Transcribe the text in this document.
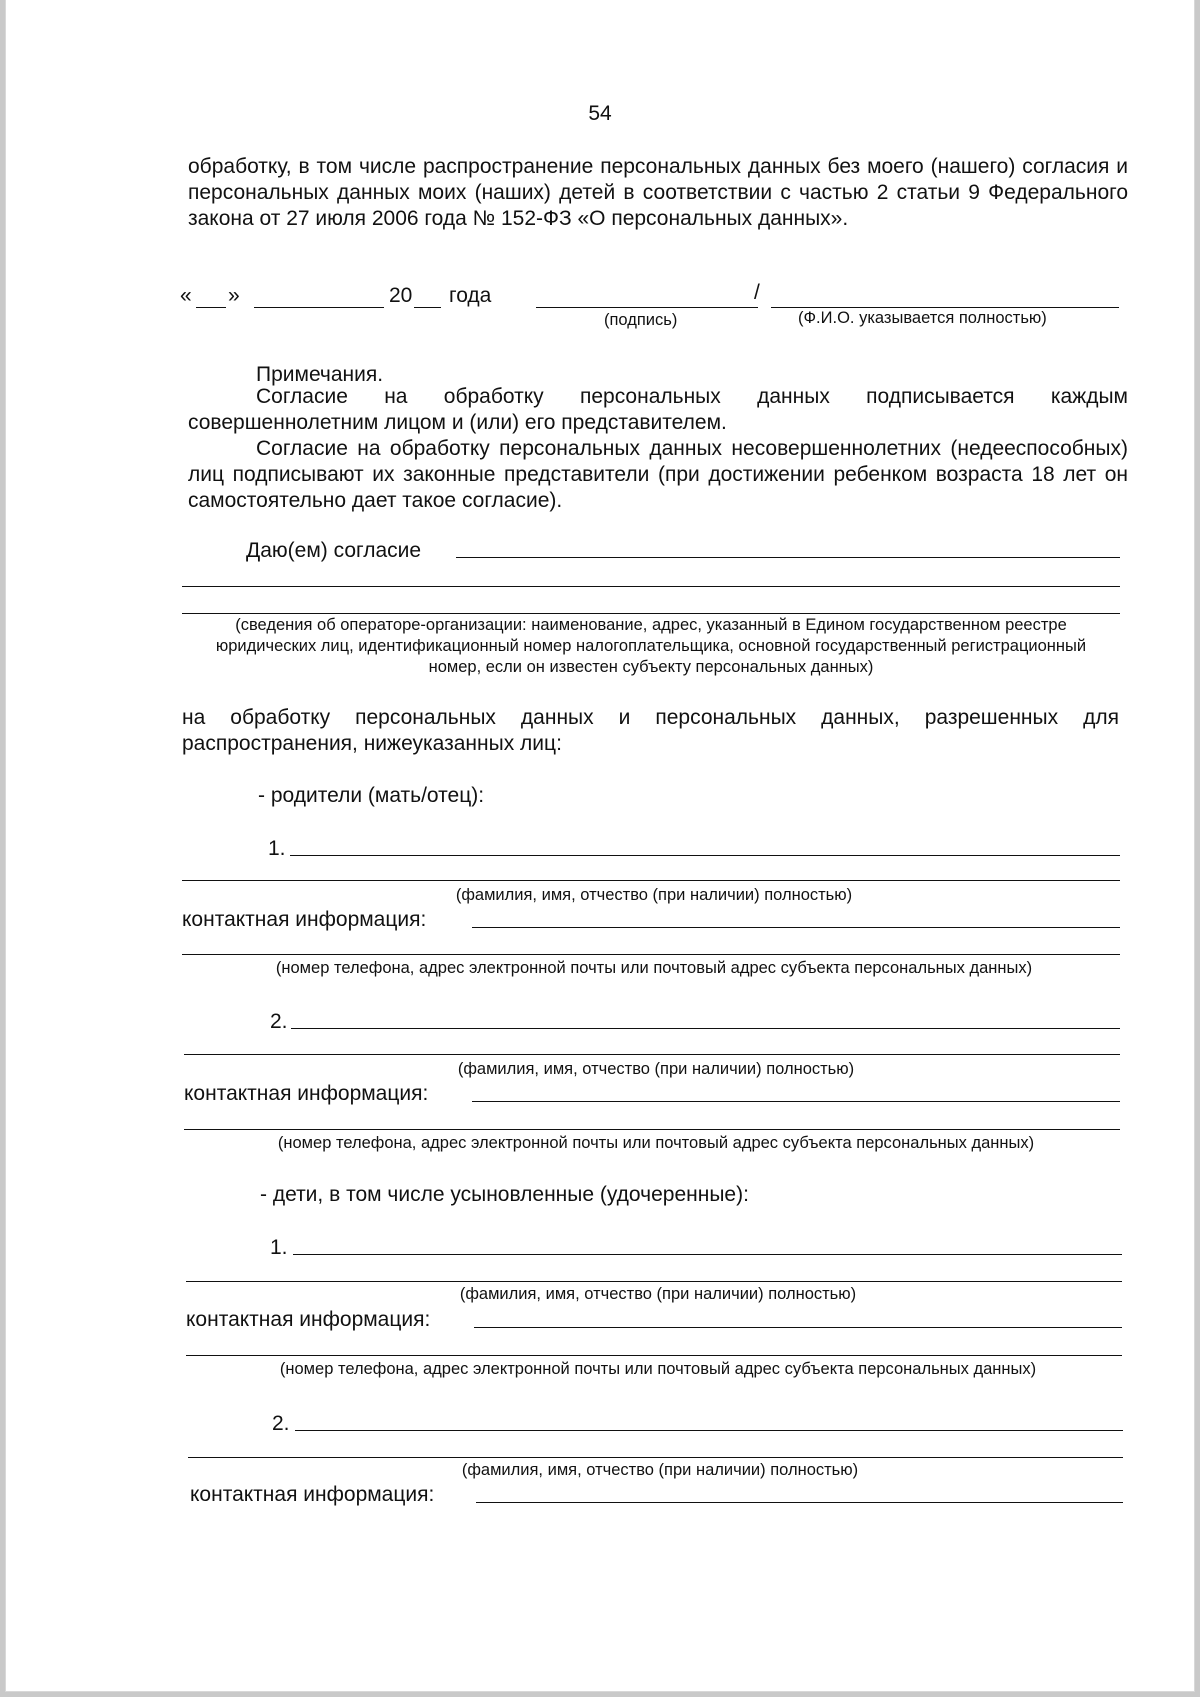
54

обработку, в том числе распространение персональных данных без моего (нашего) согласия и персональных данных моих (наших) детей в соответствии с частью 2 статьи 9 Федерального закона от 27 июля 2006 года № 152-ФЗ «О персональных данных».

« »	20 года	/
(подпись)	(Ф.И.О. указывается полностью)
Примечания.

Согласие на обработку персональных данных подписывается каждым совершеннолетним лицом и (или) его представителем.

Согласие на обработку персональных данных несовершеннолетних (недееспособных) лиц подписывают их законные представители (при достижении ребенком возраста 18 лет он самостоятельно дает такое согласие).

Даю(ем) согласие
(сведения об операторе-организации: наименование, адрес, указанный в Едином государственном реестре юридических лиц, идентификационный номер налогоплательщика, основной государственный регистрационный номер, если он известен субъекту персональных данных)

на обработку персональных данных и персональных данных, разрешенных для распространения, нижеуказанных лиц:

- родители (мать/отец):
1.
(фамилия, имя, отчество (при наличии) полностью)
контактная информация:
(номер телефона, адрес электронной почты или почтовый адрес субъекта персональных данных)
2.
(фамилия, имя, отчество (при наличии) полностью)
контактная информация:
(номер телефона, адрес электронной почты или почтовый адрес субъекта персональных данных)
- дети, в том числе усыновленные (удочеренные):
1.
(фамилия, имя, отчество (при наличии) полностью)
контактная информация:
(номер телефона, адрес электронной почты или почтовый адрес субъекта персональных данных)
2.
(фамилия, имя, отчество (при наличии) полностью)
контактная информация:
